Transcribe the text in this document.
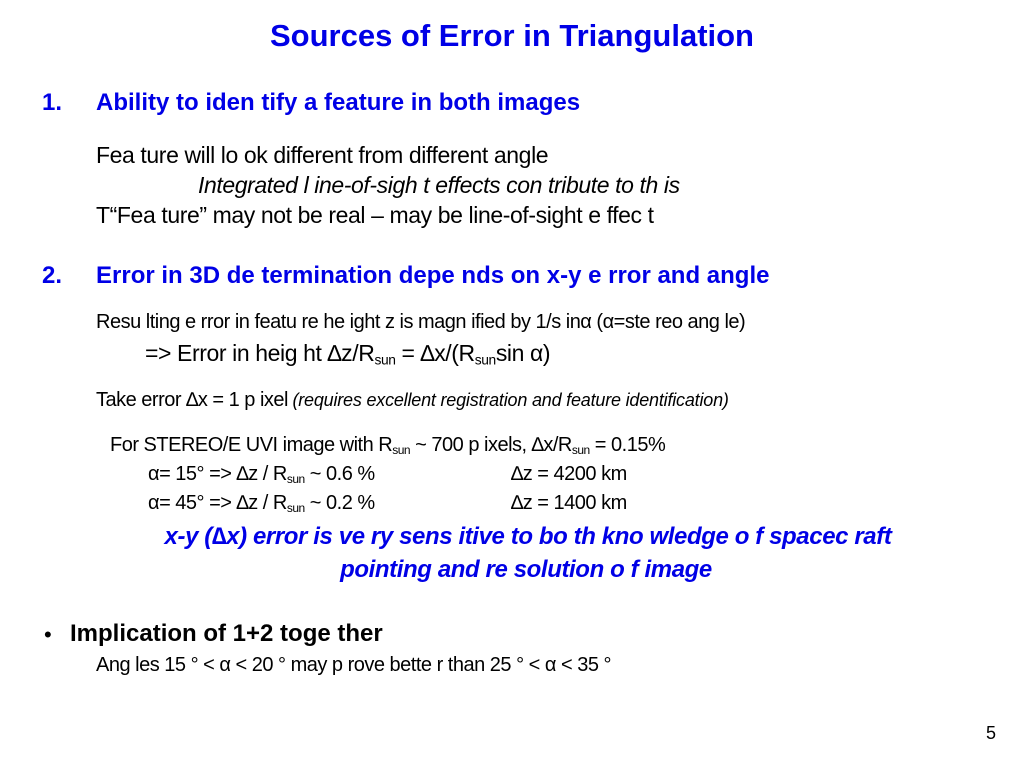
Sources of Error in Triangulation
1. Ability to iden tify a feature in both images
Fea ture will lo ok different from different angle
Integrated l ine-of-sigh t effects con tribute to th is
T“Fea ture” may not be real – may be line-of-sight e ffec t
2. Error in 3D de termination depe nds on x-y e rror and angle
Resu lting e rror in featu re he ight z is magn ified by 1/s inα (α=ste reo ang le)
=> Error in heig ht $\Delta z/R_{sun} = \Delta x/(R_{sun}\sin$ α)
Take error ∆x = 1 p ixel (requires excellent registration and feature identification)
For STEREO/E UVI image with $R_{sun}$ ~ 700 p ixels, $\Delta x/R_{sun} = 0.15\%$
$\alpha= 15^\circ => \Delta z / R_{sun}$ ~ 0.6 %	∆z = 4200 km
$\alpha= 45^\circ => \Delta z / R_{sun}$ ~ 0.2 %	∆z = 1400 km
x-y (∆x) error is ve ry sens itive to bo th kno wledge o f spacec raft
pointing and re solution o f image
• Implication of 1+2 toge ther
Ang les 15 ° < α < 20 ° may p rove bette r than 25 ° < α < 35 °
5
